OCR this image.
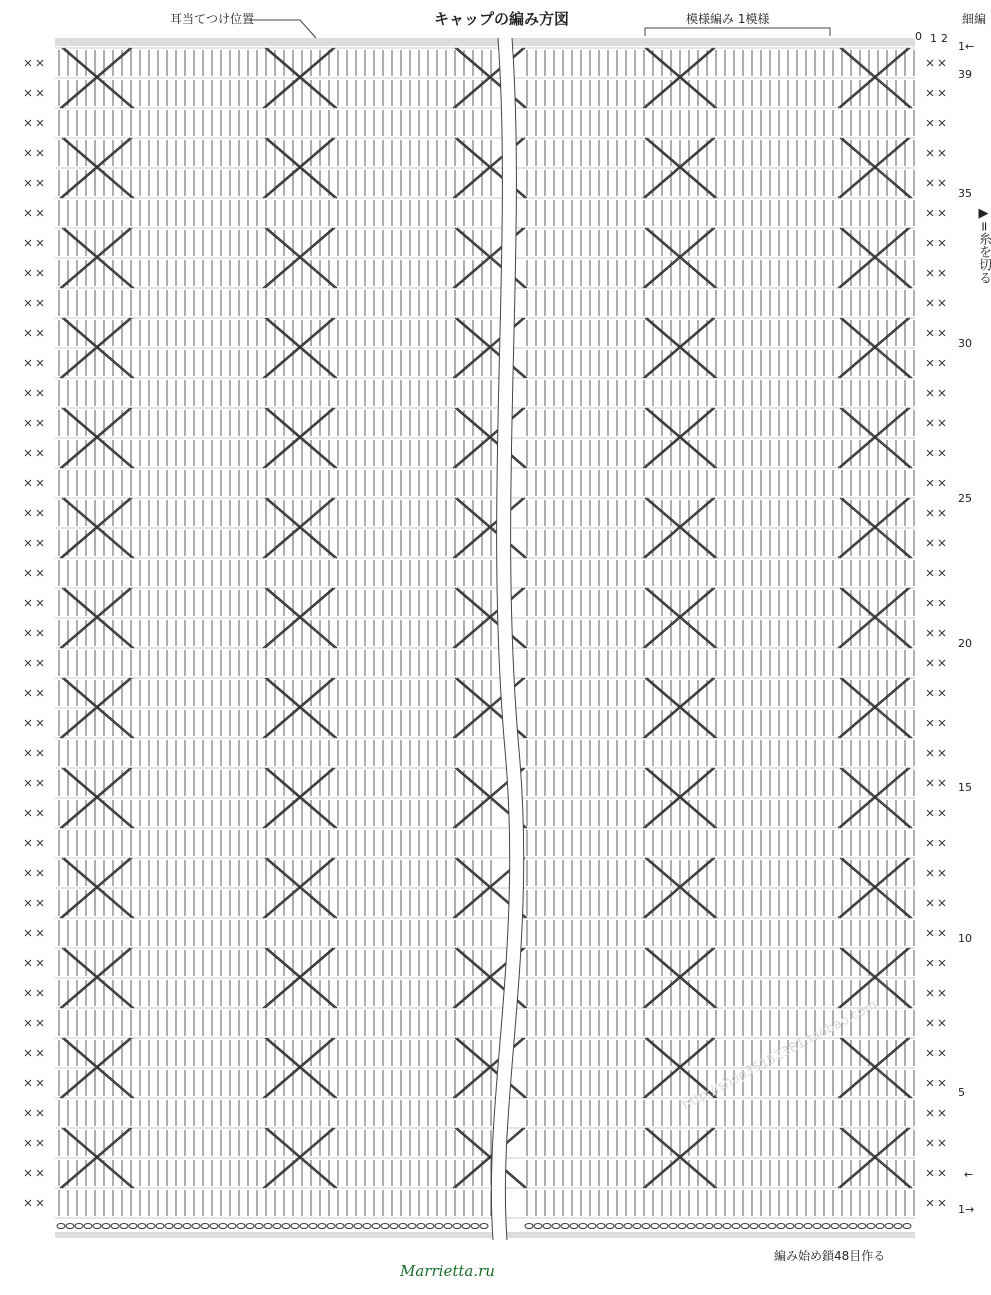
キャップの編み方図
耳当てつけ位置	模様編み 1模様	細編
▶=糸を切る
編み始め鎖48目作る
http://shop35152381.taobao.com
Marrietta.ru
0 1 2
39
35
30
25
20
15
10
5
1←
←
1→
